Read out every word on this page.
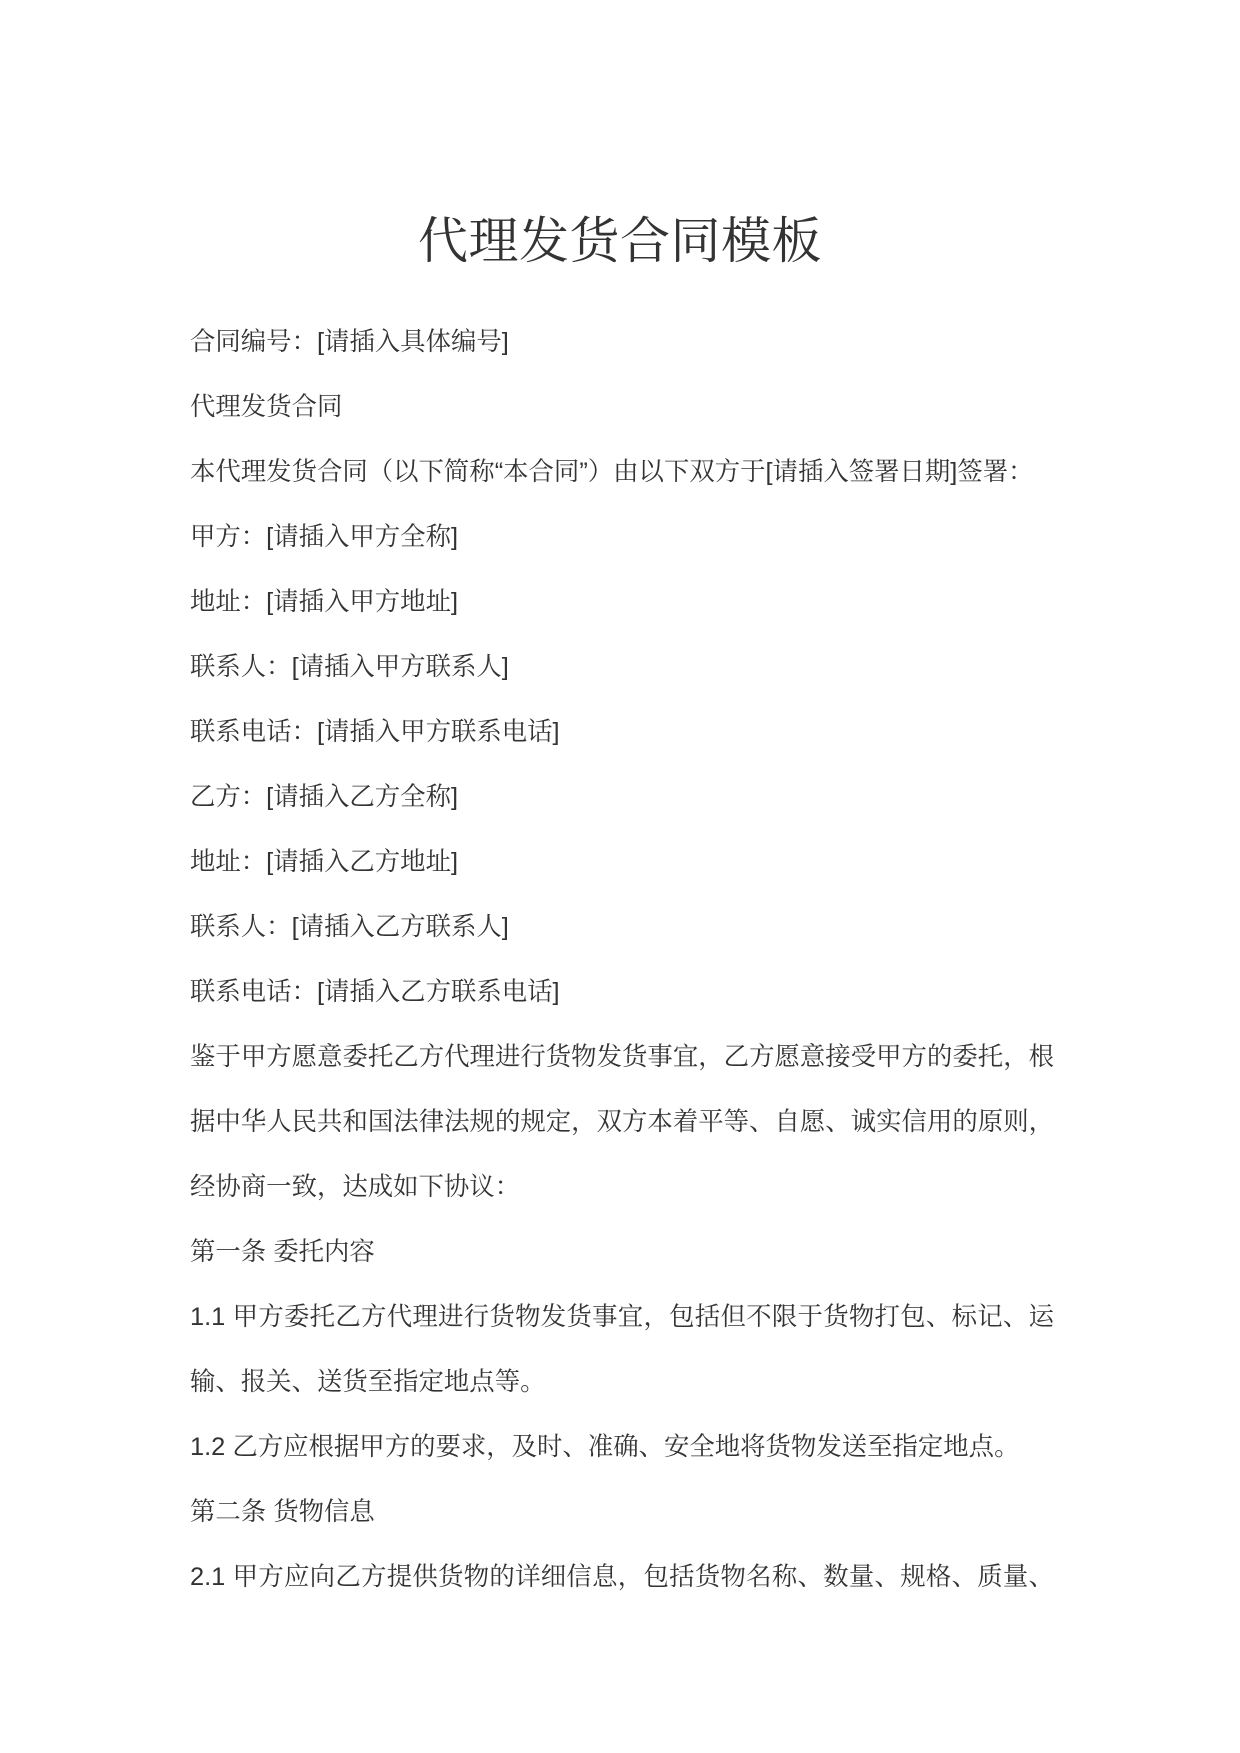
代理发货合同模板
合同编号：[请插入具体编号]
代理发货合同
本代理发货合同（以下简称“本合同”）由以下双方于[请插入签署日期]签署：
甲方：[请插入甲方全称]
地址：[请插入甲方地址]
联系人：[请插入甲方联系人]
联系电话：[请插入甲方联系电话]
乙方：[请插入乙方全称]
地址：[请插入乙方地址]
联系人：[请插入乙方联系人]
联系电话：[请插入乙方联系电话]
鉴于甲方愿意委托乙方代理进行货物发货事宜，乙方愿意接受甲方的委托，根
据中华人民共和国法律法规的规定，双方本着平等、自愿、诚实信用的原则，
经协商一致，达成如下协议：
第一条 委托内容
1.1 甲方委托乙方代理进行货物发货事宜，包括但不限于货物打包、标记、运
输、报关、送货至指定地点等。
1.2 乙方应根据甲方的要求，及时、准确、安全地将货物发送至指定地点。
第二条 货物信息
2.1 甲方应向乙方提供货物的详细信息，包括货物名称、数量、规格、质量、
